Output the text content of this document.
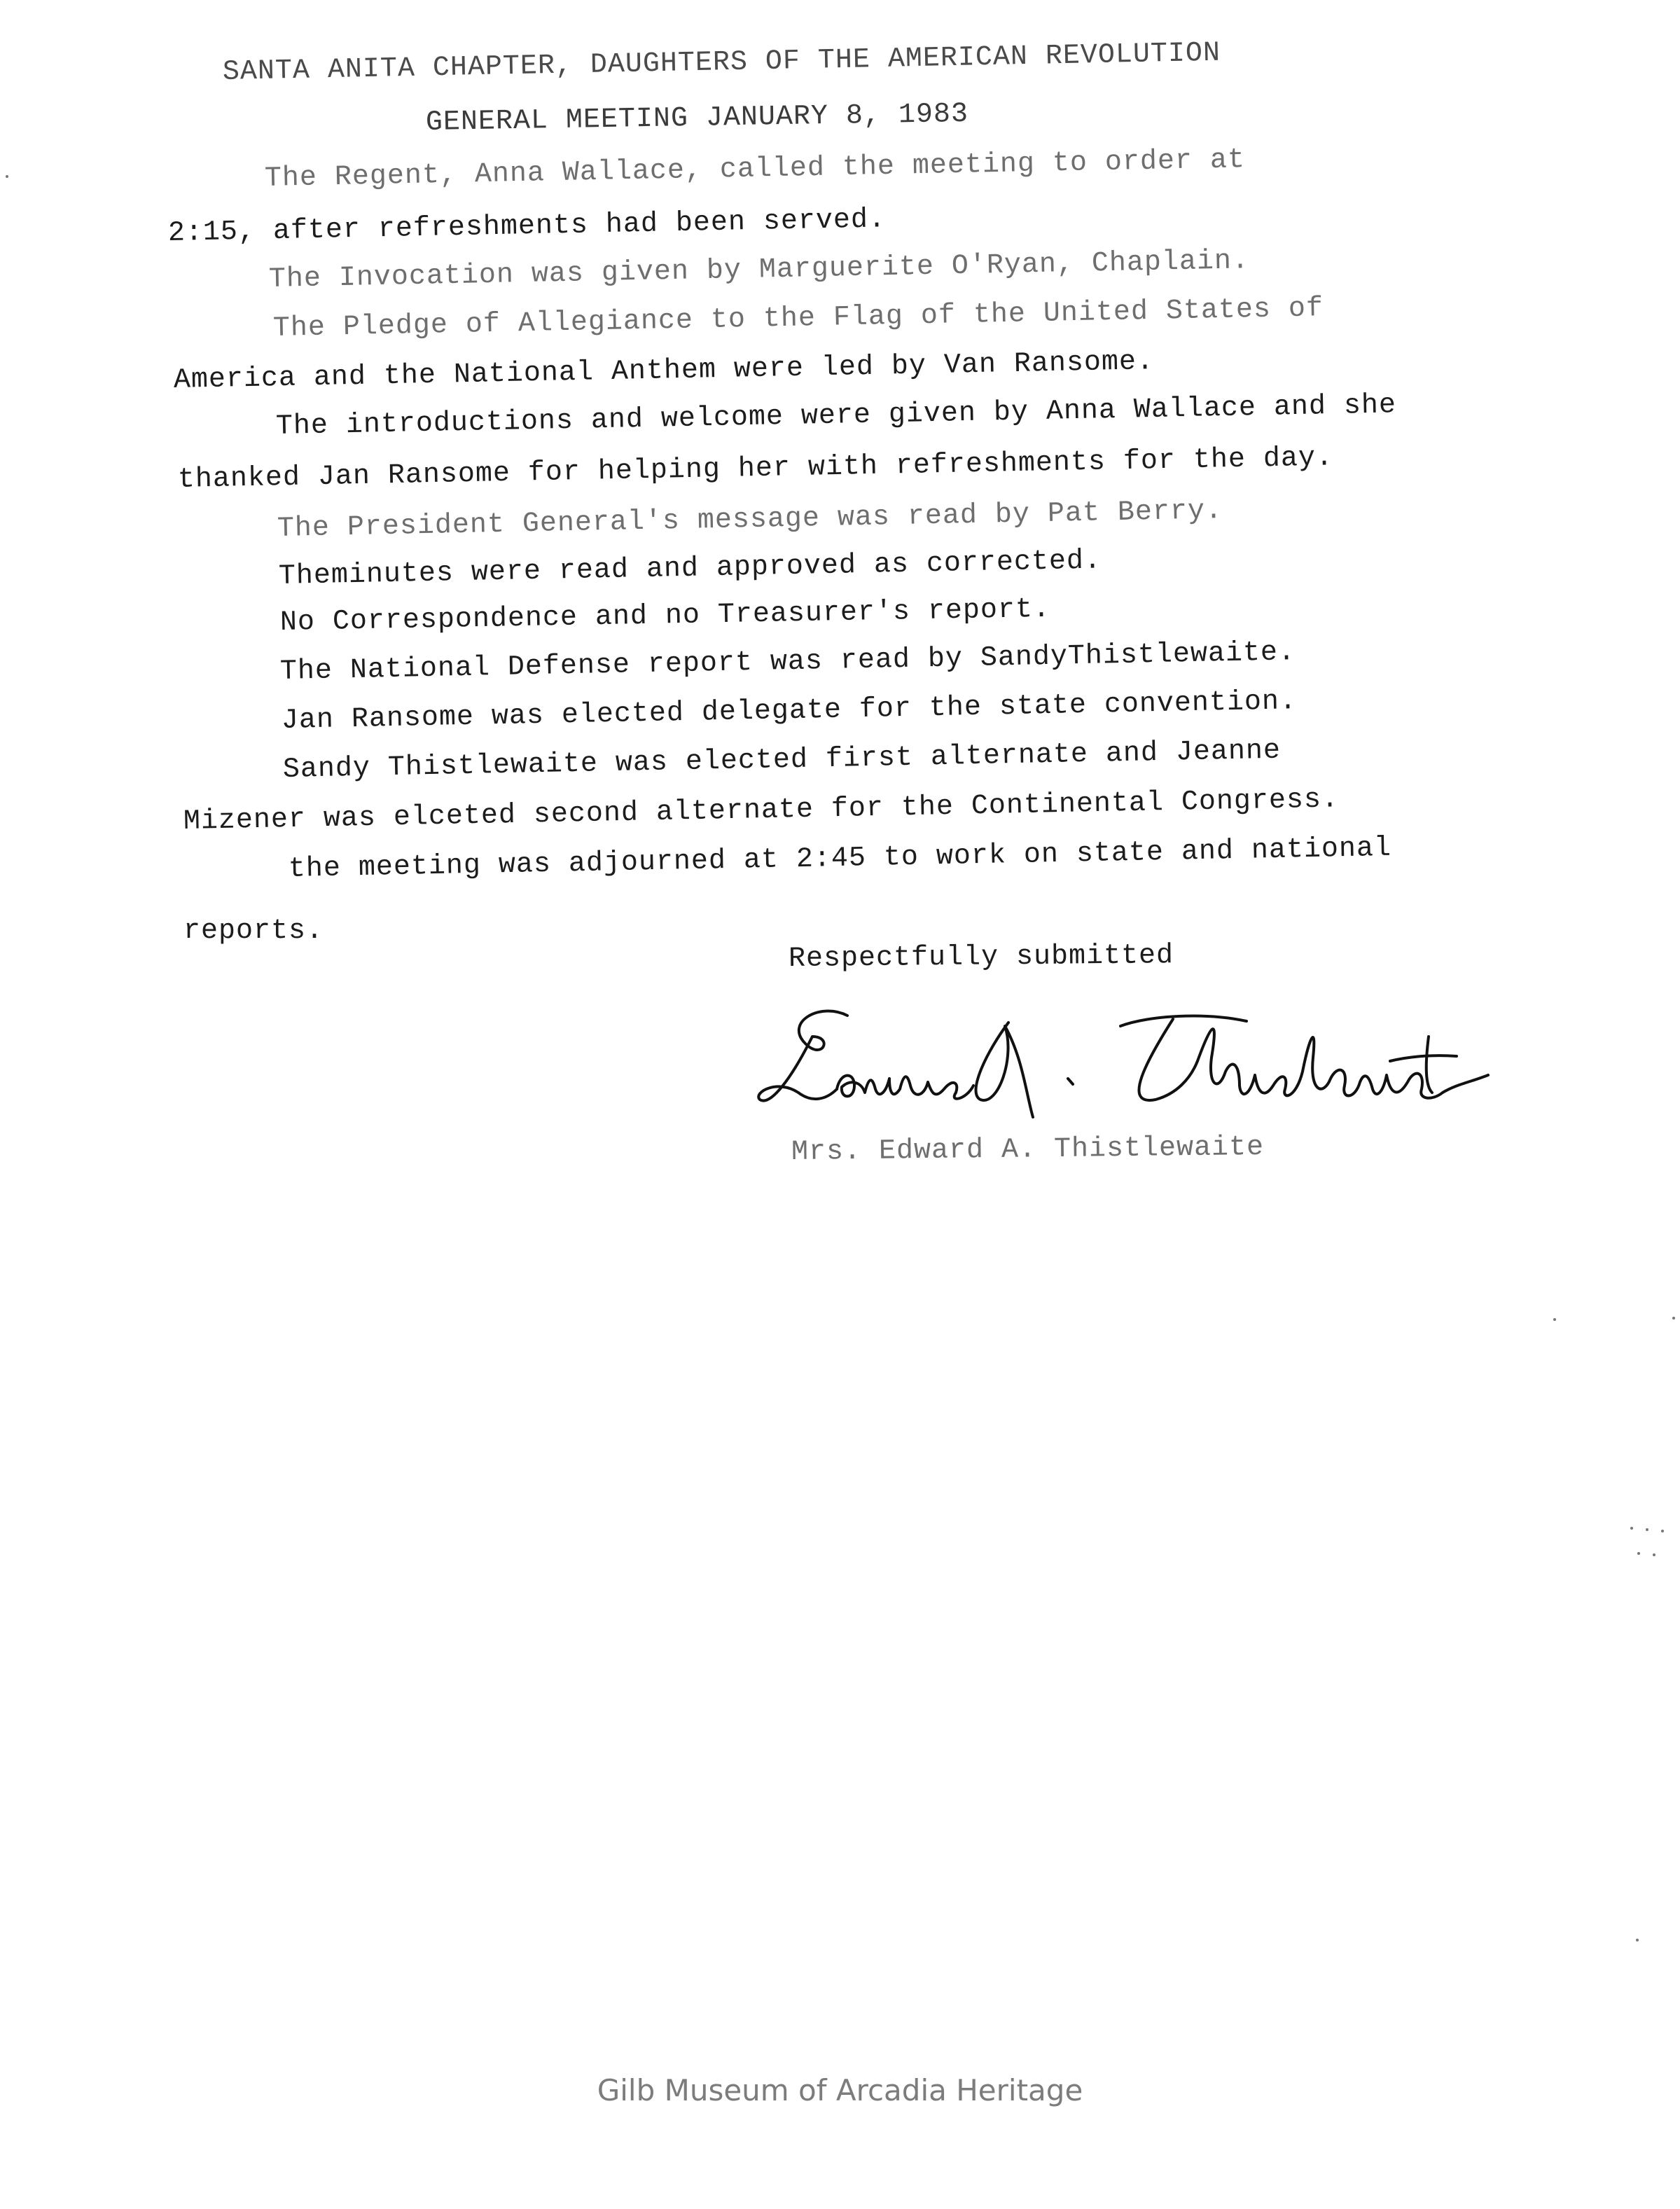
SANTA ANITA CHAPTER, DAUGHTERS OF THE AMERICAN REVOLUTION
GENERAL MEETING JANUARY 8, 1983
The Regent, Anna Wallace, called the meeting to order at
2:15, after refreshments had been served.
The Invocation was given by Marguerite O'Ryan, Chaplain.
The Pledge of Allegiance to the Flag of the United States of
America and the National Anthem were led by Van Ransome.
The introductions and welcome were given by Anna Wallace and she
thanked Jan Ransome for helping her with refreshments for the day.
The President General's message was read by Pat Berry.
Theminutes were read and approved as corrected.
No Correspondence and no Treasurer's report.
The National Defense report was read by SandyThistlewaite.
Jan Ransome was elected delegate for the state convention.
Sandy Thistlewaite was elected first alternate and Jeanne
Mizener was elceted second alternate for the Continental Congress.
the meeting was adjourned at 2:45 to work on state and national
reports.
Respectfully submitted
Mrs. Edward A. Thistlewaite
Gilb Museum of Arcadia Heritage
